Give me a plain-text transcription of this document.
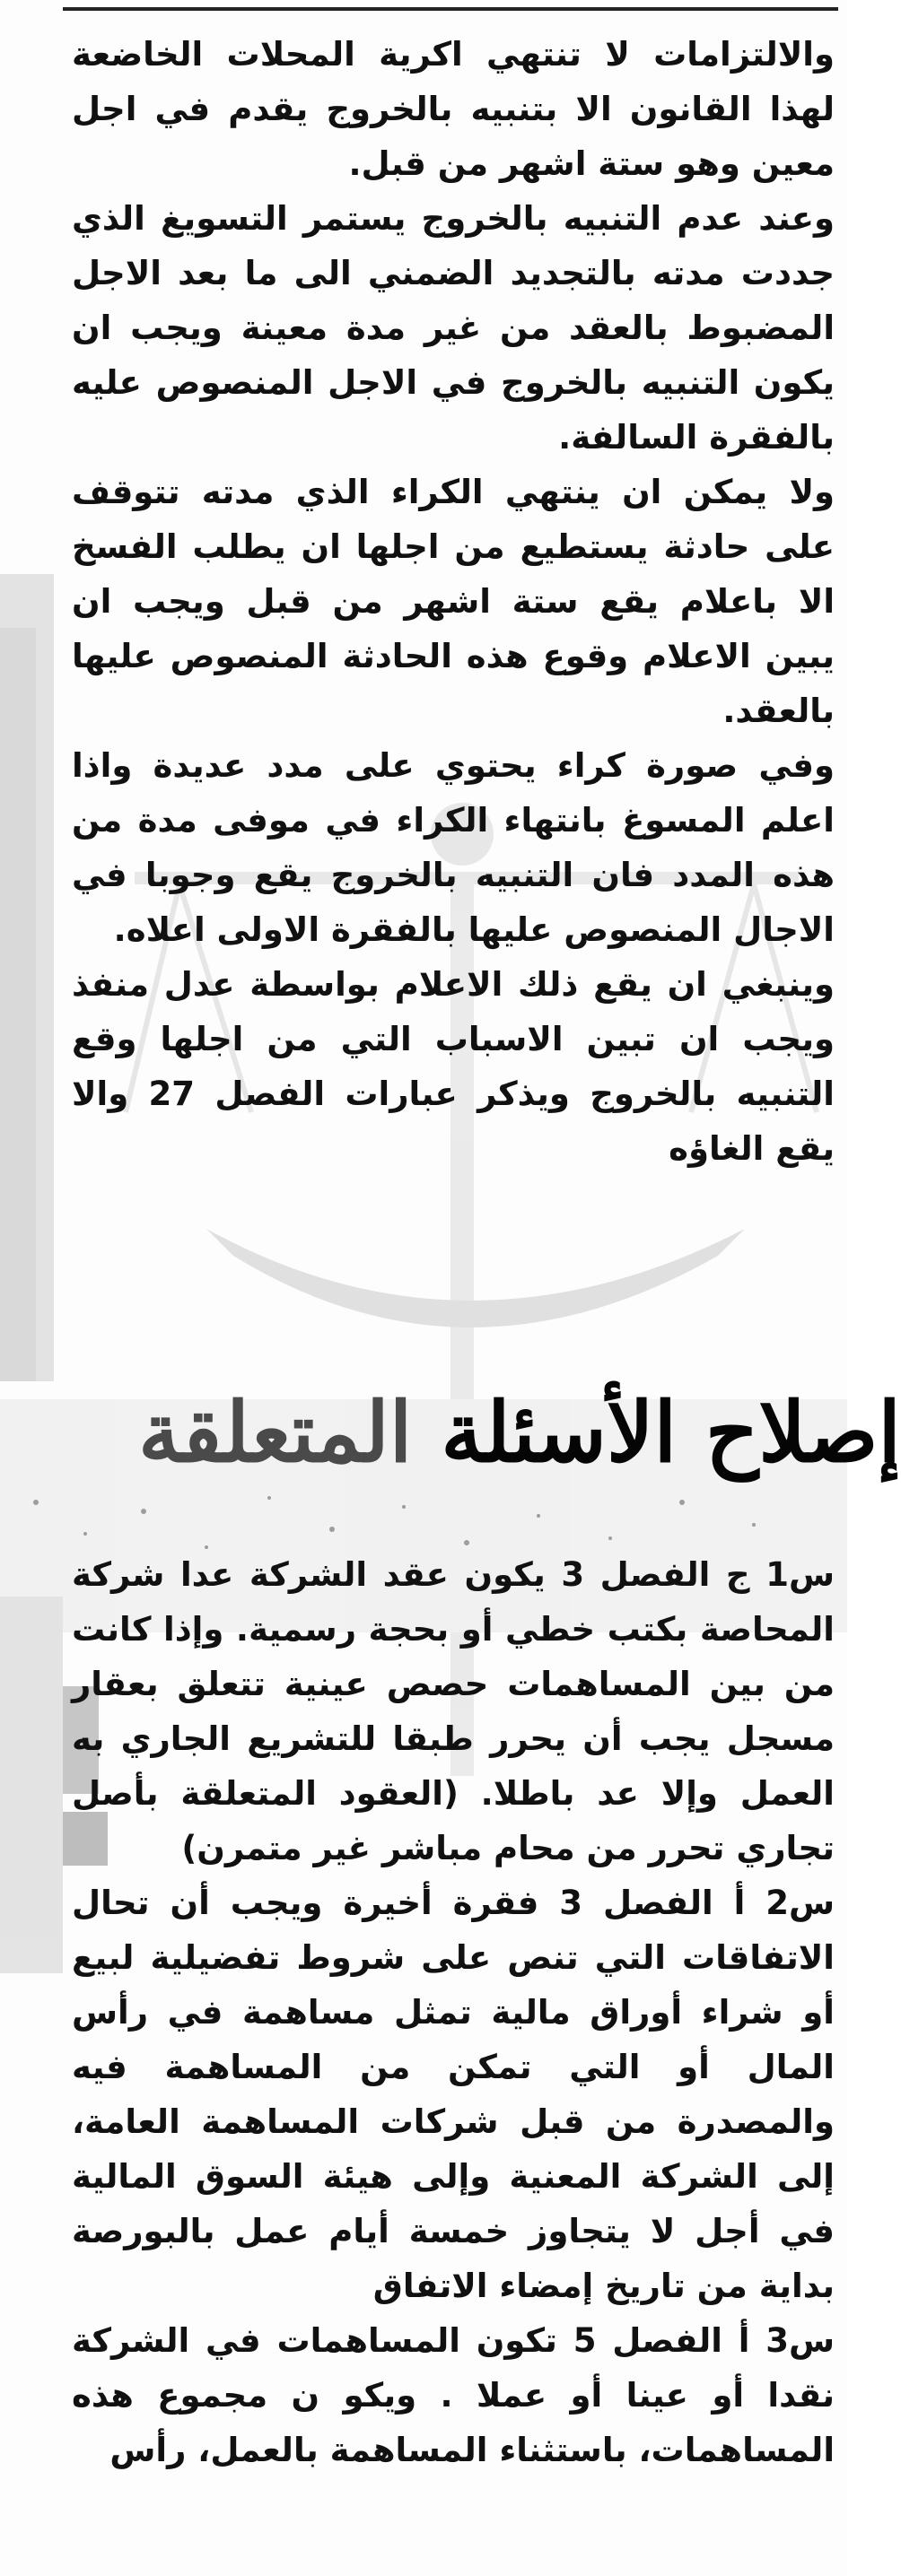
والالتزامات لا تنتهي اكرية المحلات الخاضعة لهذا القانون الا بتنبيه بالخروج يقدم في اجل معين وهو ستة اشهر من قبل.

وعند عدم التنبيه بالخروج يستمر التسويغ الذي جددت مدته بالتجديد الضمني الى ما بعد الاجل المضبوط بالعقد من غير مدة معينة ويجب ان يكون التنبيه بالخروج في الاجل المنصوص عليه بالفقرة السالفة.

ولا يمكن ان ينتهي الكراء الذي مدته تتوقف على حادثة يستطيع من اجلها ان يطلب الفسخ الا باعلام يقع ستة اشهر من قبل ويجب ان يبين الاعلام وقوع هذه الحادثة المنصوص عليها بالعقد.

وفي صورة كراء يحتوي على مدد عديدة واذا اعلم المسوغ بانتهاء الكراء في موفى مدة من هذه المدد فان التنبيه بالخروج يقع وجوبا في الاجال المنصوص عليها بالفقرة الاولى اعلاه.

وينبغي ان يقع ذلك الاعلام بواسطة عدل منفذ ويجب ان تبين الاسباب التي من اجلها وقع التنبيه بالخروج ويذكر عبارات الفصل 27 والا يقع الغاؤه

إصلاح الأسئلة المتعلقة

س1 ج الفصل 3 يكون عقد الشركة عدا شركة المحاصة بكتب خطي أو بحجة رسمية. وإذا كانت من بين المساهمات حصص عينية تتعلق بعقار مسجل يجب أن يحرر طبقا للتشريع الجاري به العمل وإلا عد باطلا. (العقود المتعلقة بأصل تجاري تحرر من محام مباشر غير متمرن)

س2 أ الفصل 3 فقرة أخيرة ويجب أن تحال الاتفاقات التي تنص على شروط تفضيلية لبيع أو شراء أوراق مالية تمثل مساهمة في رأس المال أو التي تمكن من المساهمة فيه والمصدرة من قبل شركات المساهمة العامة، إلى الشركة المعنية وإلى هيئة السوق المالية في أجل لا يتجاوز خمسة أيام عمل بالبورصة بداية من تاريخ إمضاء الاتفاق

س3 أ الفصل 5 تكون المساهمات في الشركة نقدا أو عينا أو عملا . ويكو ن مجموع هذه المساهمات، باستثناء المساهمة بالعمل، رأس
